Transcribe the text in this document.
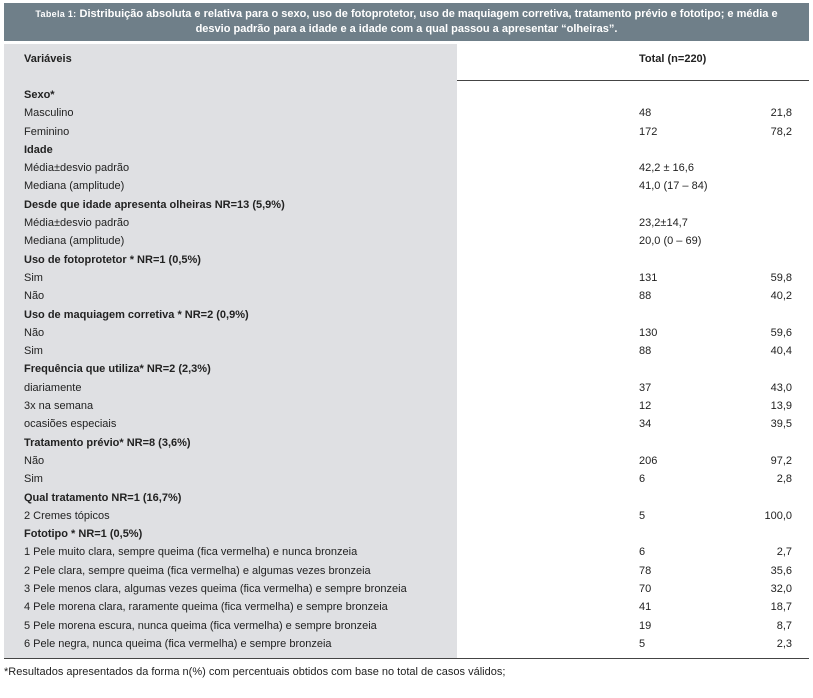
Tabela 1: Distribuição absoluta e relativa para o sexo, uso de fotoprotetor, uso de maquiagem corretiva, tratamento prévio e fototipo; e média e
desvio padrão para a idade e a idade com a qual passou a apresentar “olheiras”.
Variáveis	Total (n=220)
Sexo*
Masculino	48	21,8
Feminino	172	78,2
Idade
Média±desvio padrão	42,2 ± 16,6
Mediana (amplitude)	41,0 (17 – 84)
Desde que idade apresenta olheiras NR=13 (5,9%)
Média±desvio padrão	23,2±14,7
Mediana (amplitude)	20,0 (0 – 69)
Uso de fotoprotetor * NR=1 (0,5%)
Sim	131	59,8
Não	88	40,2
Uso de maquiagem corretiva * NR=2 (0,9%)
Não	130	59,6
Sim	88	40,4
Frequência que utiliza* NR=2 (2,3%)
diariamente	37	43,0
3x na semana	12	13,9
ocasiões especiais	34	39,5
Tratamento prévio* NR=8 (3,6%)
Não	206	97,2
Sim	6	2,8
Qual tratamento NR=1 (16,7%)
2 Cremes tópicos	5	100,0
Fototipo * NR=1 (0,5%)
1 Pele muito clara, sempre queima (fica vermelha) e nunca bronzeia	6	2,7
2 Pele clara, sempre queima (fica vermelha) e algumas vezes bronzeia	78	35,6
3 Pele menos clara, algumas vezes queima (fica vermelha) e sempre bronzeia	70	32,0
4 Pele morena clara, raramente queima (fica vermelha) e sempre bronzeia	41	18,7
5 Pele morena escura, nunca queima (fica vermelha) e sempre bronzeia	19	8,7
6 Pele negra, nunca queima (fica vermelha) e sempre bronzeia	5	2,3
*Resultados apresentados da forma n(%) com percentuais obtidos com base no total de casos válidos;
